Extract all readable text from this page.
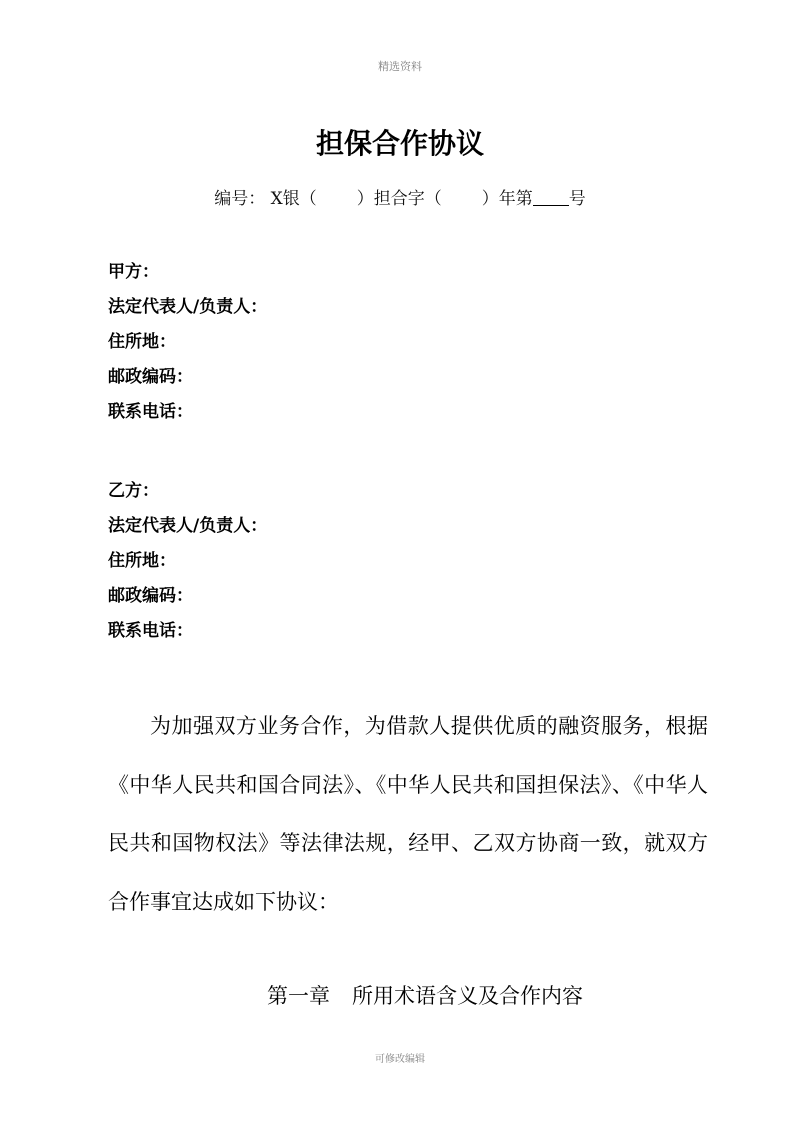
精选资料
担保合作协议
编号： X银（ ）担合字（ ）年第 号
甲方：
法定代表人/负责人：
住所地：
邮政编码：
联系电话：
乙方：
法定代表人/负责人：
住所地：
邮政编码：
联系电话：
为加强双方业务合作，为借款人提供优质的融资服务，根据《中华人民共和国合同法》、《中华人民共和国担保法》、《中华人民共和国物权法》等法律法规，经甲、乙双方协商一致，就双方合作事宜达成如下协议：
第一章 所用术语含义及合作内容
可修改编辑
